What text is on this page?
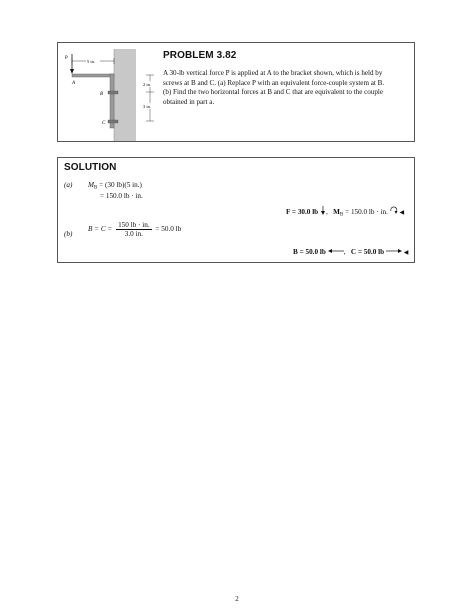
P
5 in.
A
B
C
2 in.
3 in.
PROBLEM 3.82
A 30-lb vertical force P is applied at A to the bracket shown, which is held by
screws at B and C. (a) Replace P with an equivalent force-couple system at B.
(b) Find the two horizontal forces at B and C that are equivalent to the couple
obtained in part a.
SOLUTION
(a) $M_B = (30$ lb)(5 in.)
= 150.0 lb · in.
F = 30.0 lb ,   $M_B = 150.0$ lb · in. ◀
(b)
$B = C = \frac{150 lb \cdot in.}{3.0 in.} = 50.0$ lb
B = 50.0 lb ,   C = 50.0 lb	◀
2
